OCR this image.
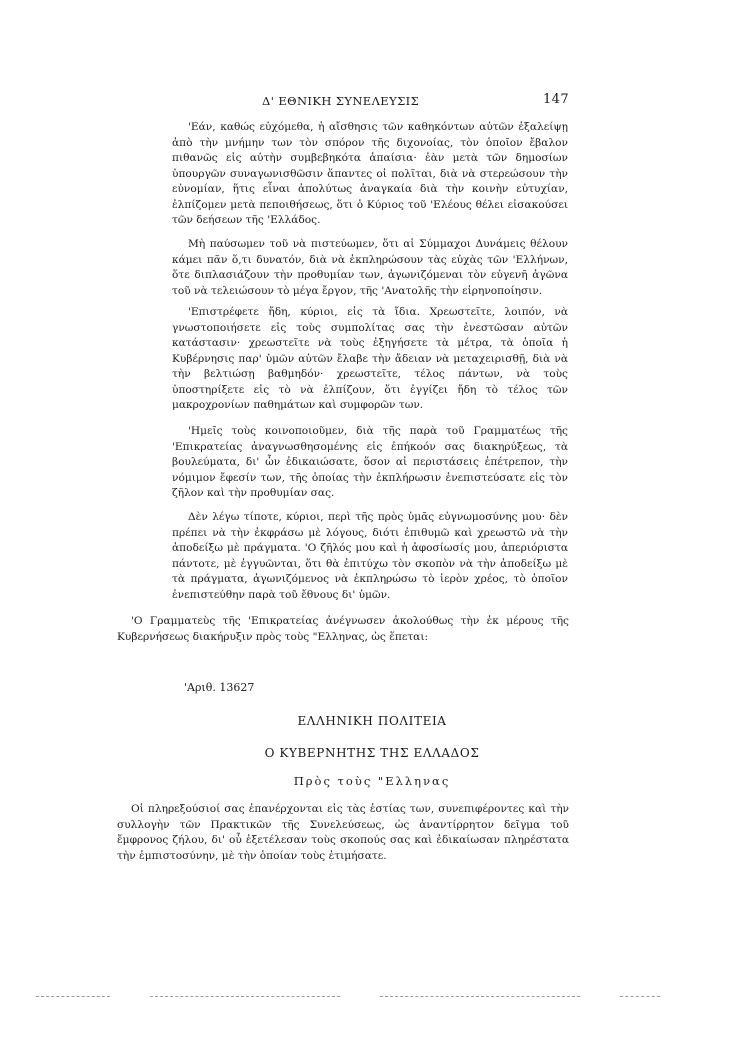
Δ' ΕΘΝΙΚΗ ΣΥΝΕΛΕΥΣΙΣ	147

'Εάν, καθώς εὐχόμεθα, ἡ αἴσθησις τῶν καθηκόντων αὐτῶν ἐξαλείψῃ ἀπὸ τὴν μνήμην των τὸν σπόρον τῆς διχονοίας, τὸν ὁποῖον ἔβαλον πιθανῶς εἰς αὐτὴν συμβεβηκότα ἀπαίσια· ἐὰν μετὰ τῶν δημοσίων ὑπουργῶν συναγωνισθῶσιν ἅπαντες οἱ πολῖται, διὰ νὰ στερεώσουν τὴν εὐνομίαν, ἥτις εἶναι ἀπολύτως ἀναγκαία διὰ τὴν κοινὴν εὐτυχίαν, ἐλπίζομεν μετὰ πεποιθήσεως, ὅτι ὁ Κύριος τοῦ 'Ελέους θέλει εἰσακούσει τῶν δεήσεων τῆς 'Ελλάδος.

Μὴ παύσωμεν τοῦ νὰ πιστεύωμεν, ὅτι αἱ Σύμμαχοι Δυνάμεις θέλουν κάμει πᾶν ὅ,τι δυνατόν, διὰ νὰ ἐκπληρώσουν τὰς εὐχὰς τῶν 'Ελλήνων, ὅτε διπλασιάζουν τὴν προθυμίαν των, ἀγωνιζόμεναι τὸν εὐγενῆ ἀγῶνα τοῦ νὰ τελειώσουν τὸ μέγα ἔργον, τῆς 'Ανατολῆς τὴν εἰρηνοποίησιν.

'Επιστρέφετε ἤδη, κύριοι, εἰς τὰ ἴδια. Χρεωστεῖτε, λοιπόν, νὰ γνωστοποιήσετε εἰς τοὺς συμπολίτας σας τὴν ἐνεστῶσαν αὐτῶν κατάστασιν· χρεωστεῖτε νὰ τοὺς ἐξηγήσετε τὰ μέτρα, τὰ ὁποῖα ἡ Κυβέρνησις παρ' ὑμῶν αὐτῶν ἔλαβε τὴν ἄδειαν νὰ μεταχειρισθῇ, διὰ νὰ τὴν βελτιώσῃ βαθμηδόν· χρεωστεῖτε, τέλος πάντων, νὰ τοὺς ὑποστηρίξετε εἰς τὸ νὰ ἐλπίζουν, ὅτι ἐγγίζει ἤδη τὸ τέλος τῶν μακροχρονίων παθημάτων καὶ συμφορῶν των.

'Ημεῖς τοὺς κοινοποιοῦμεν, διὰ τῆς παρὰ τοῦ Γραμματέως τῆς 'Επικρατείας ἀναγνωσθησομένης εἰς ἐπήκοόν σας διακηρύξεως, τὰ βουλεύματα, δι' ὧν ἐδικαιώσατε, ὅσον αἱ περιστάσεις ἐπέτρεπον, τὴν νόμιμον ἔφεσίν των, τῆς ὁποίας τὴν ἐκπλήρωσιν ἐνεπιστεύσατε εἰς τὸν ζῆλον καὶ τὴν προθυμίαν σας.

Δὲν λέγω τίποτε, κύριοι, περὶ τῆς πρὸς ὑμᾶς εὐγνωμοσύνης μου· δὲν πρέπει νὰ τὴν ἐκφράσω μὲ λόγους, διότι ἐπιθυμῶ καὶ χρεωστῶ νὰ τὴν ἀποδείξω μὲ πράγματα. 'Ο ζῆλός μου καὶ ἡ ἀφοσίωσίς μου, ἀπεριόριστα πάντοτε, μὲ ἐγγυῶνται, ὅτι θὰ ἐπιτύχω τὸν σκοπὸν νὰ τὴν ἀποδείξω μὲ τὰ πράγματα, ἀγωνιζόμενος νὰ ἐκπληρώσω τὸ ἱερὸν χρέος, τὸ ὁποῖον ἐνεπιστεύθην παρὰ τοῦ ἔθνους δι' ὑμῶν.

'Ο Γραμματεὺς τῆς 'Επικρατείας ἀνέγνωσεν ἀκολούθως τὴν ἐκ μέρους τῆς Κυβερνήσεως διακήρυξιν πρὸς τοὺς "Ελληνας, ὡς ἕπεται:

'Αριθ. 13627
ΕΛΛΗΝΙΚΗ ΠΟΛΙΤΕΙΑ
Ο ΚΥΒΕΡΝΗΤΗΣ ΤΗΣ ΕΛΛΑΔΟΣ
Πρὸς τοὺς "Ελληνας

Οἱ πληρεξούσιοί σας ἐπανέρχονται εἰς τὰς ἑστίας των, συνεπιφέροντες καὶ τὴν συλλογὴν τῶν Πρακτικῶν τῆς Συνελεύσεως, ὡς ἀναντίρρητον δεῖγμα τοῦ ἔμφρονος ζήλου, δι' οὗ ἐξετέλεσαν τοὺς σκοπούς σας καὶ ἐδικαίωσαν πληρέστατα τὴν ἐμπιστοσύνην, μὲ τὴν ὁποίαν τοὺς ἐτιμήσατε.
